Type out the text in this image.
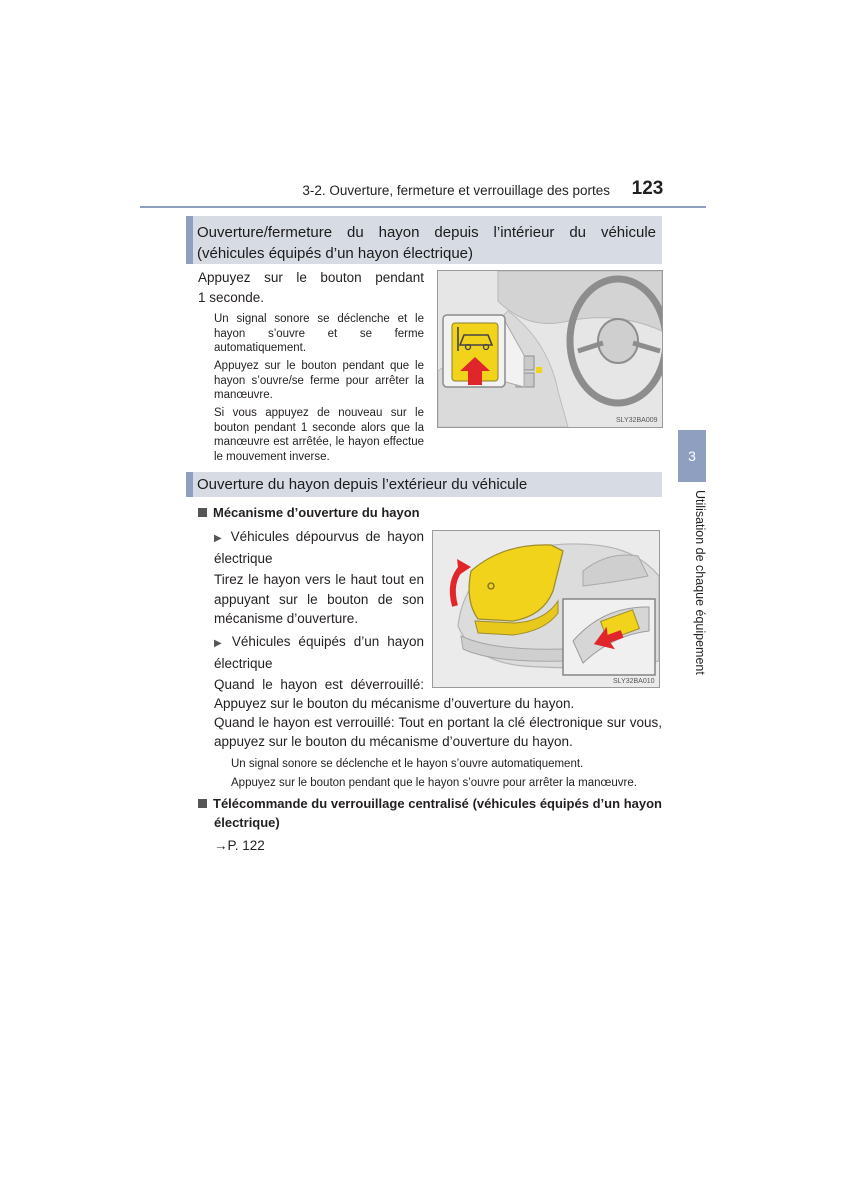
3-2. Ouverture, fermeture et verrouillage des portes	123
3
Utilisation de chaque équipement
Ouverture/fermeture du hayon depuis l’intérieur du véhicule (véhicules équipés d’un hayon électrique)
Appuyez sur le bouton pendant
1 seconde.
Un signal sonore se déclenche et le hayon s’ouvre et se ferme automatiquement.
Appuyez sur le bouton pendant que le hayon s’ouvre/se ferme pour arrêter la manœuvre.
Si vous appuyez de nouveau sur le bouton pendant 1 seconde alors que la manœuvre est arrêtée, le hayon effectue le mouvement inverse.
SLY32BA009
Ouverture du hayon depuis l’extérieur du véhicule
Mécanisme d’ouverture du hayon
▶ Véhicules dépourvus de hayon électrique
Tirez le hayon vers le haut tout en appuyant sur le bouton de son mécanisme d’ouverture.
▶ Véhicules équipés d’un hayon électrique
Quand le hayon est déverrouillé:
Appuyez sur le bouton du mécanisme d’ouverture du hayon.
Quand le hayon est verrouillé: Tout en portant la clé électronique sur vous,
appuyez sur le bouton du mécanisme d’ouverture du hayon.
Un signal sonore se déclenche et le hayon s’ouvre automatiquement.
Appuyez sur le bouton pendant que le hayon s’ouvre pour arrêter la manœuvre.
SLY32BA010
Télécommande du verrouillage centralisé (véhicules équipés d’un hayon
électrique)
→P. 122
